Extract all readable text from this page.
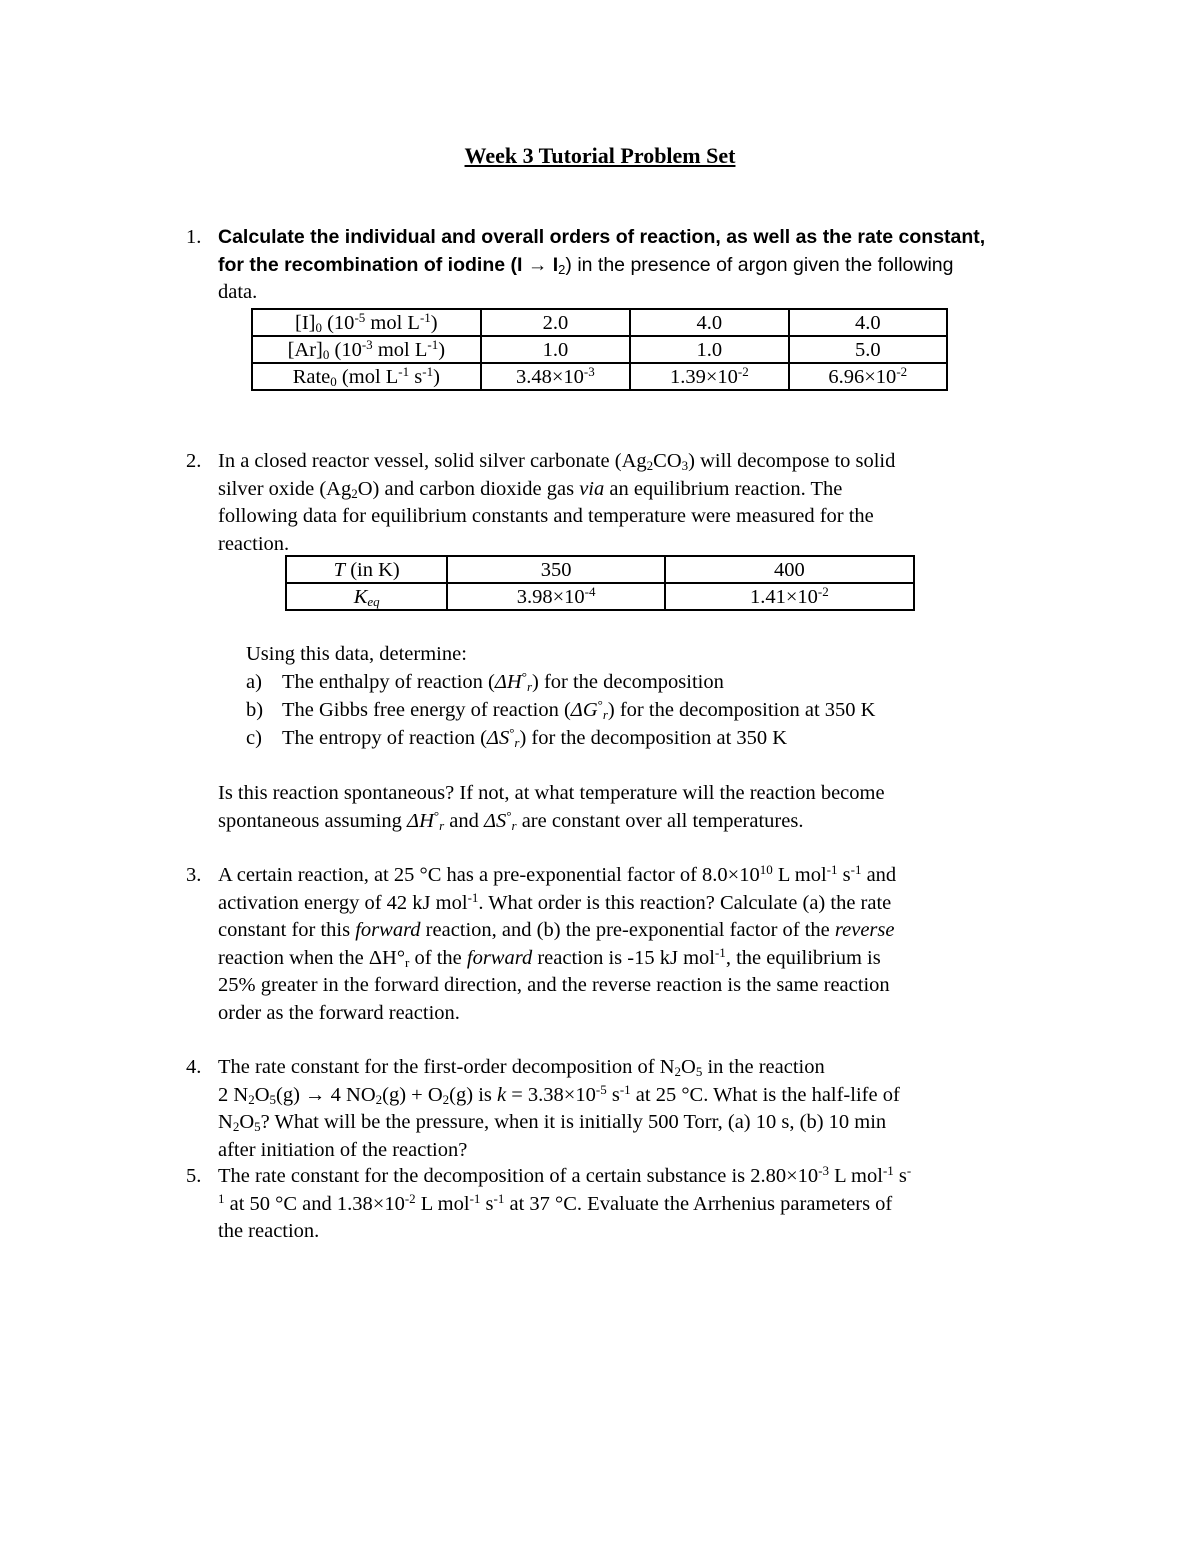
Week 3 Tutorial Problem Set
1. Calculate the individual and overall orders of reaction, as well as the rate constant,
for the recombination of iodine $(I \to I_2)$ in the presence of argon given the following
data.
$[I]_0$ ($10^{-5}$ mol $L^{-1}$)	2.0	4.0	4.0
$[Ar]_0$ ($10^{-3}$ mol $L^{-1}$)	1.0	1.0	5.0
Rate$_0$ (mol $L^{-1}$ $s^{-1}$)	$3.48\times 10^{-3}$	$1.39\times 10^{-2}$	$6.96\times 10^{-2}$
2. In a closed reactor vessel, solid silver carbonate $(Ag_2CO_3)$ will decompose to solid
silver oxide $(Ag_2O)$ and carbon dioxide gas via an equilibrium reaction. The
following data for equilibrium constants and temperature were measured for the
reaction.
T (in K)	350	400
$K_{eq}$	$3.98\times 10^{-4}$	$1.41\times 10^{-2}$
Using this data, determine:
a) The enthalpy of reaction $(\Delta H^\circ_r)$ for the decomposition
b) The Gibbs free energy of reaction $(\Delta G^\circ_r)$ for the decomposition at 350 K
c) The entropy of reaction $(\Delta S^\circ_r)$ for the decomposition at 350 K
Is this reaction spontaneous? If not, at what temperature will the reaction become
spontaneous assuming $\Delta H^\circ_r$ and $\Delta S^\circ_r$ are constant over all temperatures.
3. A certain reaction, at 25 °C has a pre-exponential factor of $8.0\times 10^{10}$ L mol$^{-1}$ $s^{-1}$ and
activation energy of 42 kJ mol$^{-1}$. What order is this reaction? Calculate (a) the rate
constant for this forward reaction, and (b) the pre-exponential factor of the reverse
reaction when the $\Delta H^\circ_r$ of the forward reaction is -15 kJ mol$^{-1}$, the equilibrium is
25% greater in the forward direction, and the reverse reaction is the same reaction
order as the forward reaction.
4. The rate constant for the first-order decomposition of $N_2O_5$ in the reaction
2 $N_2O_5(g) \to 4$ $NO_2(g) + O_2(g)$ is $k = 3.38\times 10^{-5}$ $s^{-1}$ at 25 °C. What is the half-life of
$N_2O_5$? What will be the pressure, when it is initially 500 Torr, (a) 10 s, (b) 10 min
after initiation of the reaction?
5. The rate constant for the decomposition of a certain substance is $2.80\times 10^{-3}$ L mol$^{-1}$ s-
$^1$ at 50 °C and $1.38\times 10^{-2}$ L mol$^{-1}$ $s^{-1}$ at 37 °C. Evaluate the Arrhenius parameters of
the reaction.
